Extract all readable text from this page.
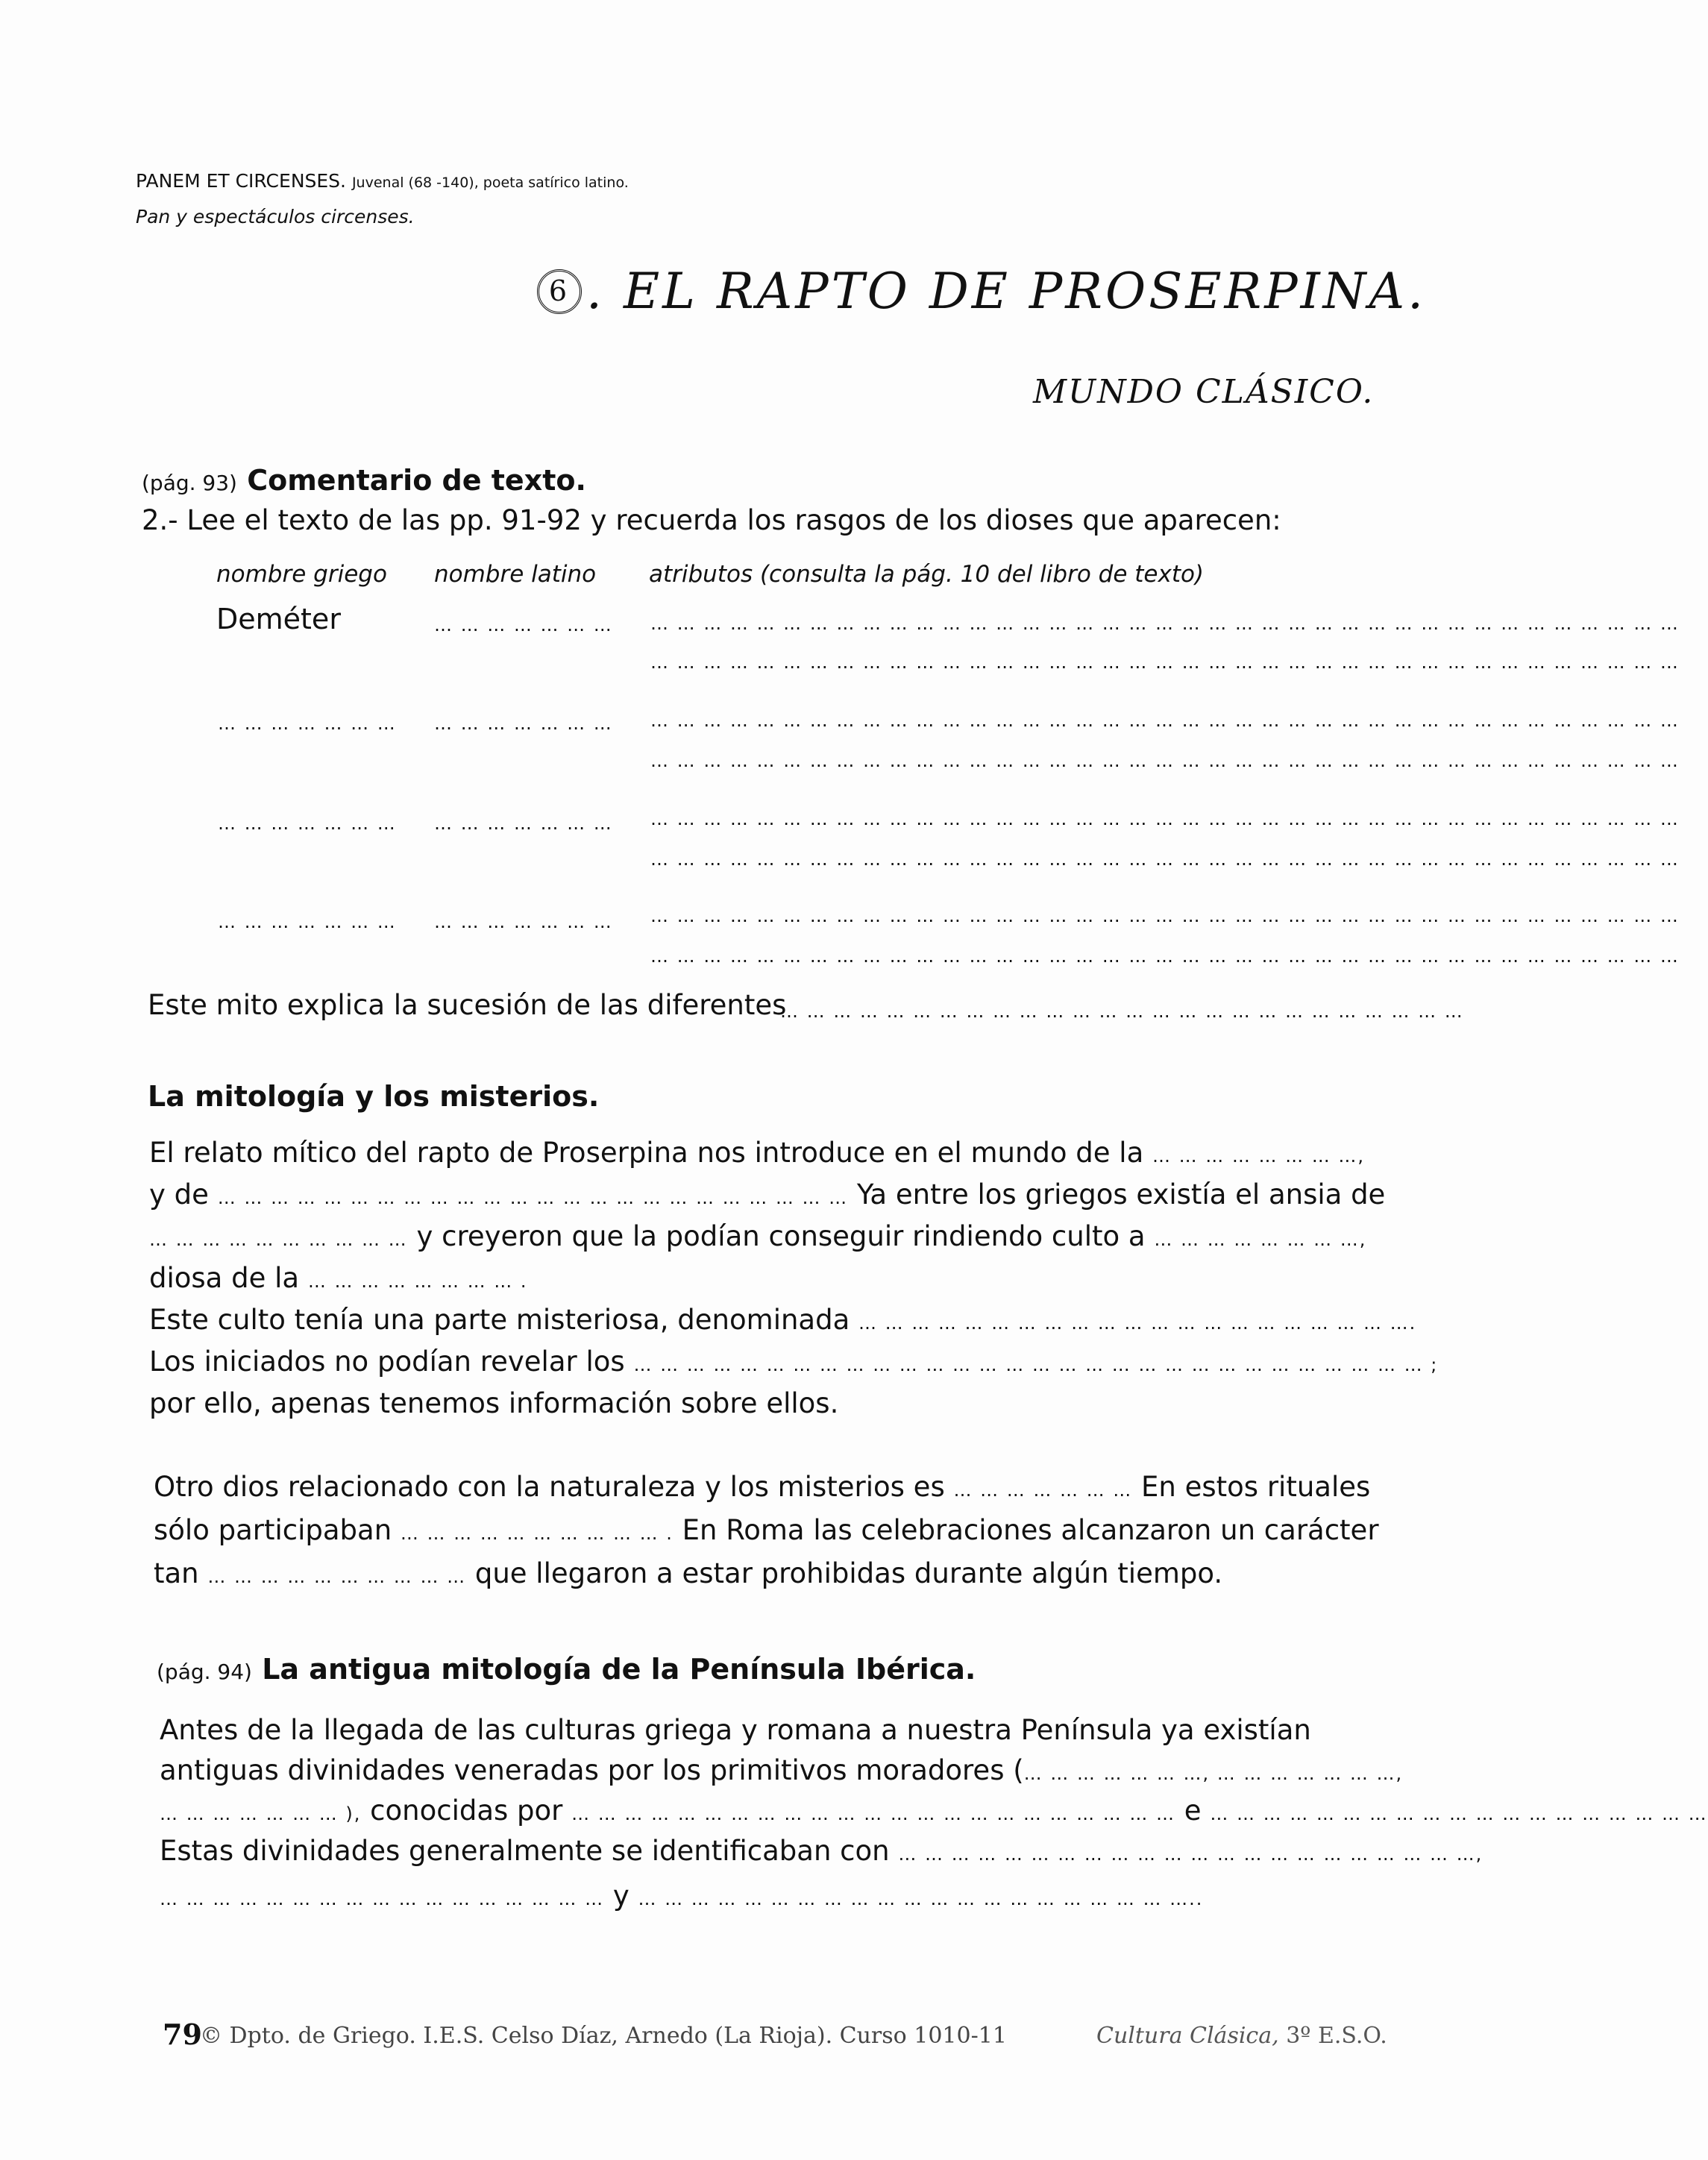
PANEM ET CIRCENSES. Juvenal (68 -140), poeta satírico latino.
Pan y espectáculos circenses.
6 . EL RAPTO DE PROSERPINA.
MUNDO CLÁSICO.
(pág. 93) Comentario de texto.
2.- Lee el texto de las pp. 91-92 y recuerda los rasgos de los dioses que aparecen:
nombre griego nombre latino atributos (consulta la pág. 10 del libro de texto)
Deméter	… … … … … … … … … … … … … … … … … … … … … … … … … … … … … … … … … … … … … … … … … … … … … …
… … … … … … … … … … … … … … … … … … … … … … … … … … … … … … … … … … … … … … …
… … … … … … … … … … … … … … … … … … … … … … … … … … … … … … … … … … … … … … … … … … … … … … … … … … … … …
… … … … … … … … … … … … … … … … … … … … … … … … … … … … … … … … … … … … … … …
… … … … … … … … … … … … … … … … … … … … … … … … … … … … … … … … … … … … … … … … … … … … … … … … … … … … …
… … … … … … … … … … … … … … … … … … … … … … … … … … … … … … … … … … … … … … …
… … … … … … … … … … … … … … … … … … … … … … … … … … … … … … … … … … … … … … … … … … … … … … … … … … … … …
… … … … … … … … … … … … … … … … … … … … … … … … … … … … … … … … … … … … … … …
Este mito explica la sucesión de las diferentes
… … … … … … … … … … … … … … … … … … … … … … … … … …
La mitología y los misterios.
El relato mítico del rapto de Proserpina nos introduce en el mundo de la … … … … … … … …,
y de … … … … … … … … … … … … … … … … … … … … … … … … Ya entre los griegos existía el ansia de
… … … … … … … … … … y creyeron que la podían conseguir rindiendo culto a … … … … … … … …,
diosa de la … … … … … … … … .
Este culto tenía una parte misteriosa, denominada … … … … … … … … … … … … … … … … … … … … ….
Los iniciados no podían revelar los … … … … … … … … … … … … … … … … … … … … … … … … … … … … … … ;
por ello, apenas tenemos información sobre ellos.
Otro dios relacionado con la naturaleza y los misterios es … … … … … … … En estos rituales
sólo participaban … … … … … … … … … … . En Roma las celebraciones alcanzaron un carácter
tan … … … … … … … … … … que llegaron a estar prohibidas durante algún tiempo.
(pág. 94) La antigua mitología de la Península Ibérica.
Antes de la llegada de las culturas griega y romana a nuestra Península ya existían
antiguas divinidades veneradas por los primitivos moradores (… … … … … … …, … … … … … … …,
… … … … … … … ), conocidas por … … … … … … … … … … … … … … … … … … … … … … … e … … … … … … … … … … … … … … … … … … …
Estas divinidades generalmente se identificaban con … … … … … … … … … … … … … … … … … … … … … …,
… … … … … … … … … … … … … … … … … y … … … … … … … … … … … … … … … … … … … … …..
79
© Dpto. de Griego. I.E.S. Celso Díaz, Arnedo (La Rioja). Curso 1010-11	Cultura Clásica, 3º E.S.O.
